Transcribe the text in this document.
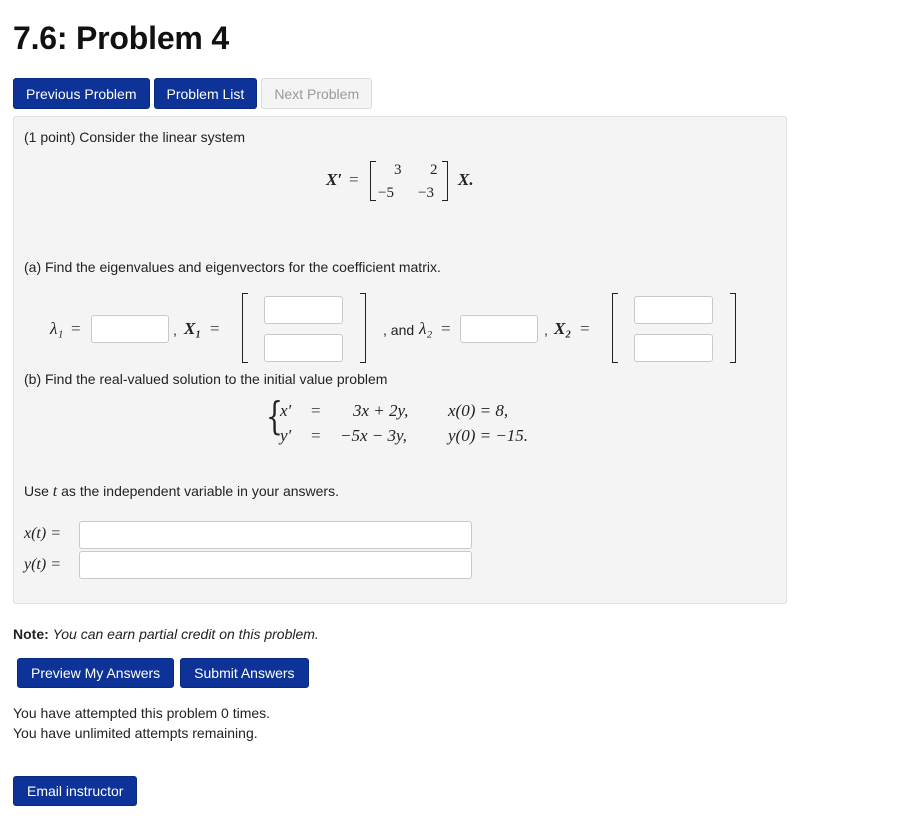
7.6: Problem 4
Previous Problem	Problem List	Next Problem
(1 point) Consider the linear system
X′ = 3 2
−5 −3
X.
(a) Find the eigenvalues and eigenvectors for the coefficient matrix.
λ₁ =	, X₁ =	, and λ₂ =	, X₂ =
(b) Find the real-valued solution to the initial value problem
{
x′ = 3x + 2y, x(0) = 8,
y′ = −5x − 3y, y(0) = −15.
Use t as the independent variable in your answers.
x(t) =
y(t) =
Note: You can earn partial credit on this problem.
Preview My Answers	Submit Answers
You have attempted this problem 0 times.
You have unlimited attempts remaining.
Email instructor
